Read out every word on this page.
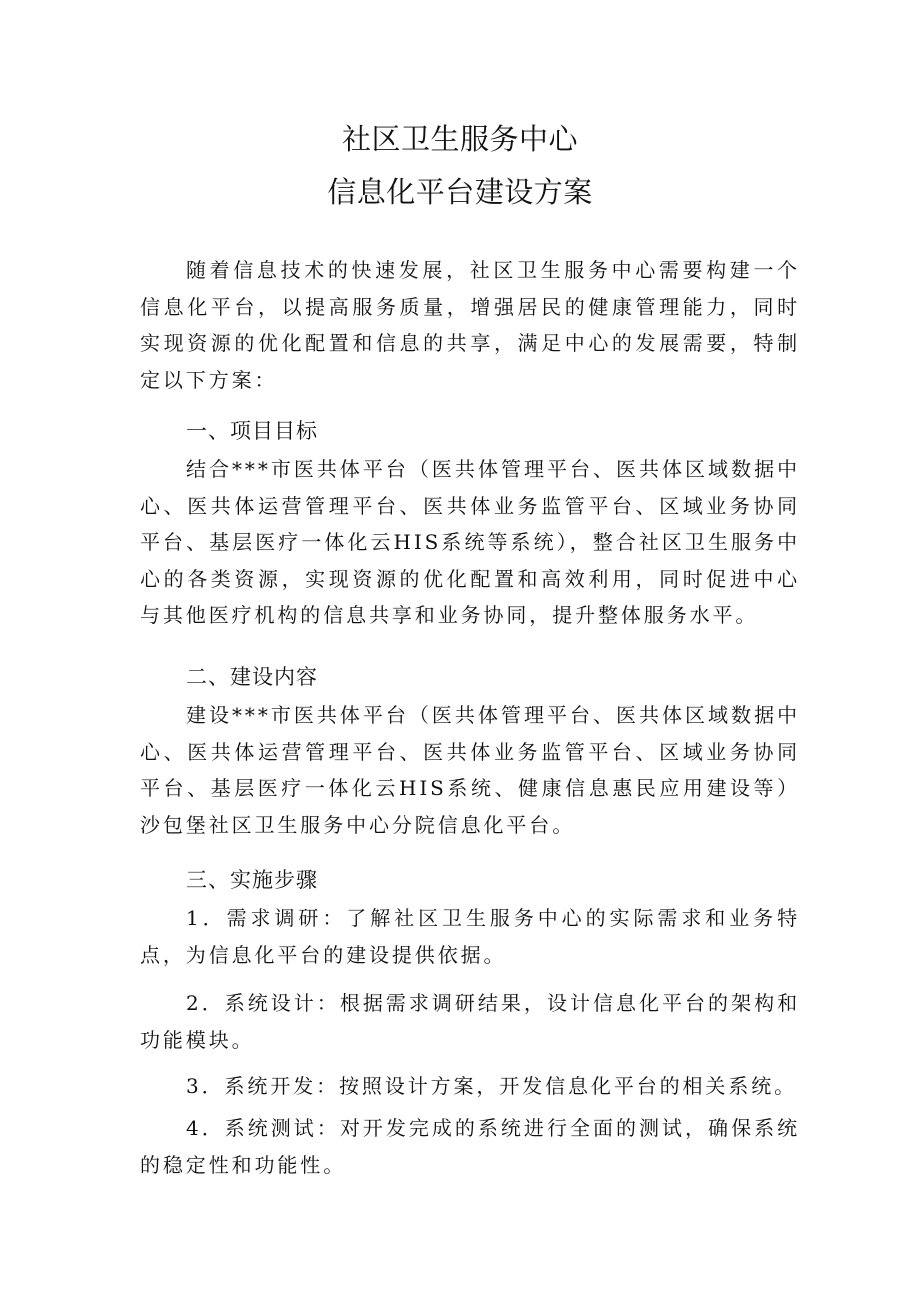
社区卫生服务中心
信息化平台建设方案
随着信息技术的快速发展，社区卫生服务中心需要构建一个信息化平台，以提高服务质量，增强居民的健康管理能力，同时实现资源的优化配置和信息的共享，满足中心的发展需要，特制定以下方案：
一、项目目标
结合***市医共体平台（医共体管理平台、医共体区域数据中心、医共体运营管理平台、医共体业务监管平台、区域业务协同平台、基层医疗一体化云HIS系统等系统），整合社区卫生服务中心的各类资源，实现资源的优化配置和高效利用，同时促进中心与其他医疗机构的信息共享和业务协同，提升整体服务水平。
二、建设内容
建设***市医共体平台（医共体管理平台、医共体区域数据中心、医共体运营管理平台、医共体业务监管平台、区域业务协同平台、基层医疗一体化云HIS系统、健康信息惠民应用建设等）沙包堡社区卫生服务中心分院信息化平台。
三、实施步骤
1．需求调研：了解社区卫生服务中心的实际需求和业务特点，为信息化平台的建设提供依据。
2．系统设计：根据需求调研结果，设计信息化平台的架构和功能模块。
3．系统开发：按照设计方案，开发信息化平台的相关系统。
4．系统测试：对开发完成的系统进行全面的测试，确保系统的稳定性和功能性。
